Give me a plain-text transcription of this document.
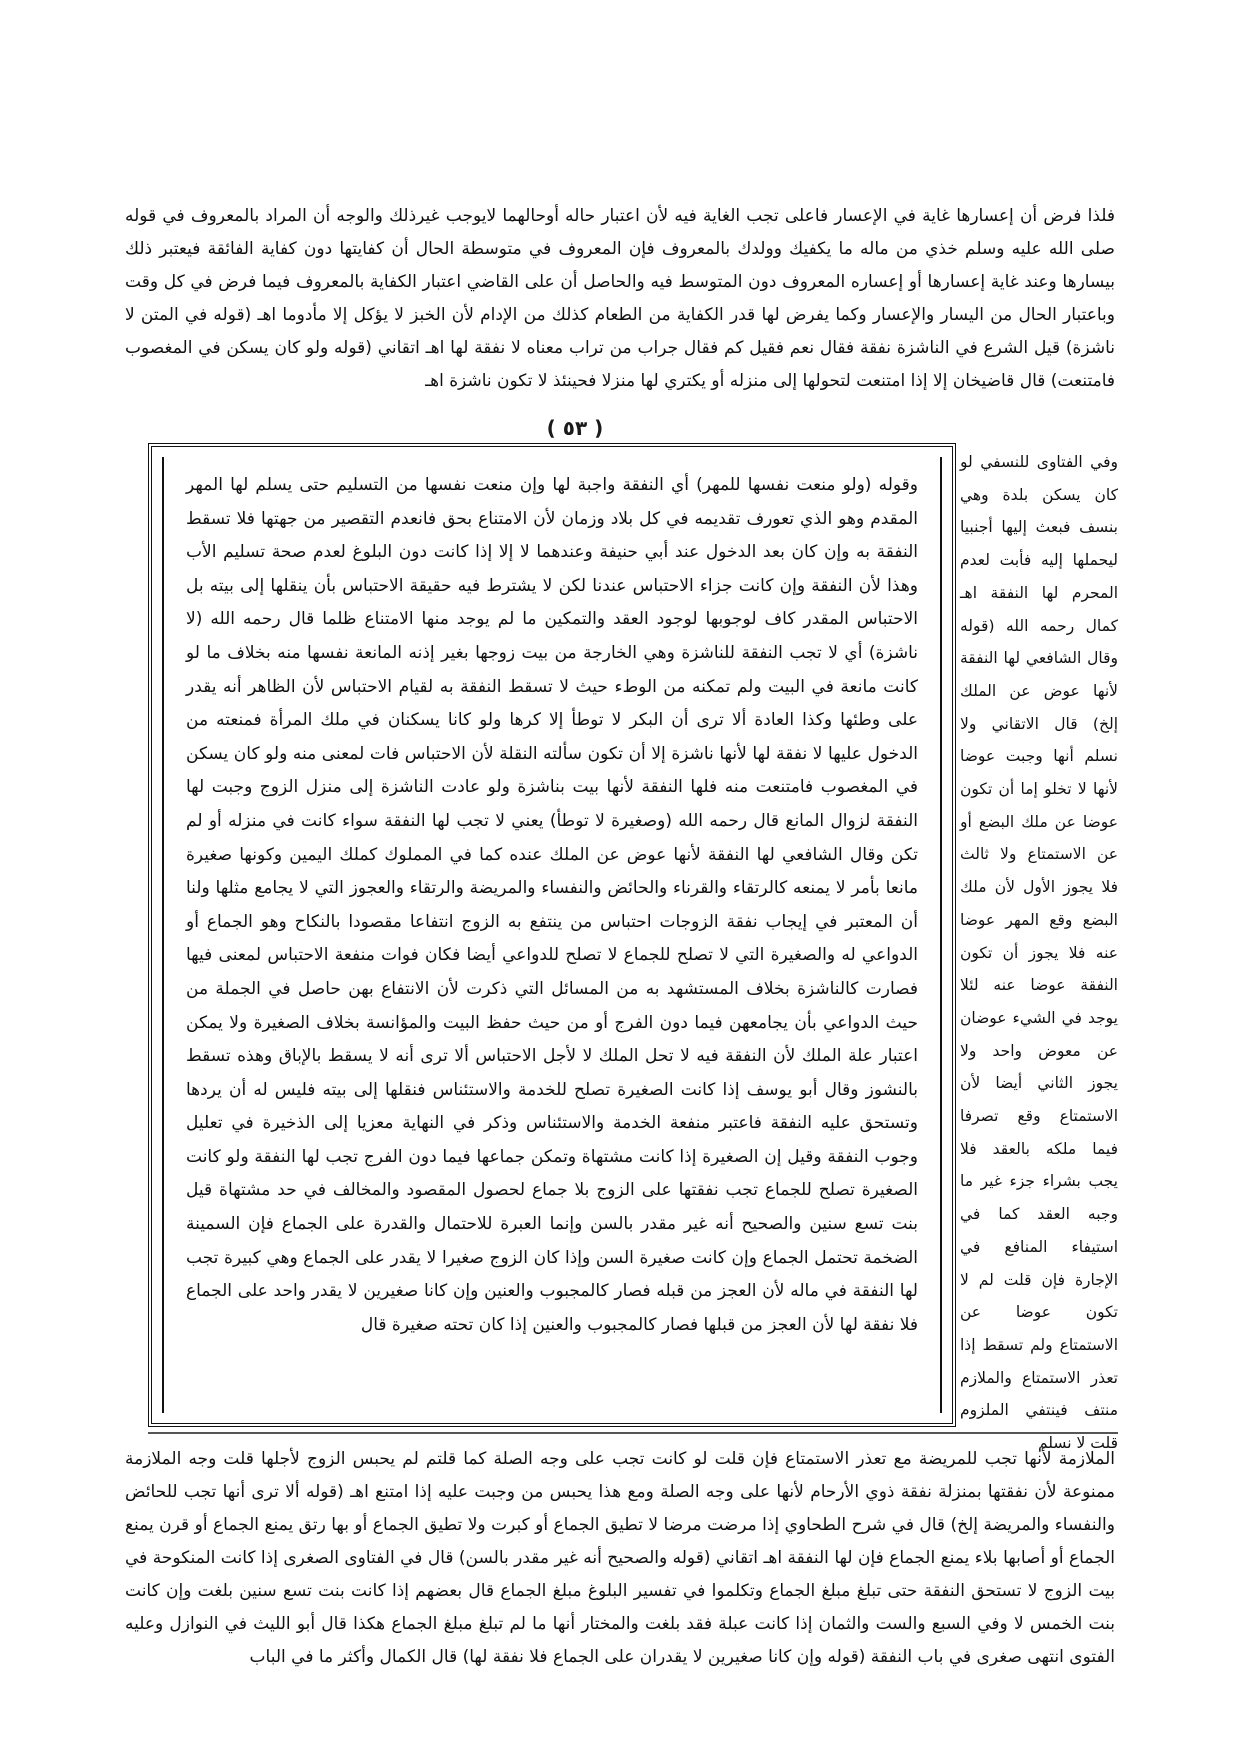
فلذا فرض أن إعسارها غاية في الإعسار فاعلى تجب الغاية فيه لأن اعتبار حاله أوحالهما لايوجب غيرذلك والوجه أن المراد بالمعروف في قوله صلى الله عليه وسلم خذي من ماله ما يكفيك وولدك بالمعروف فإن المعروف في متوسطة الحال أن كفايتها دون كفاية الفائقة فيعتبر ذلك بيسارها وعند غاية إعسارها أو إعساره المعروف دون المتوسط فيه والحاصل أن على القاضي اعتبار الكفاية بالمعروف فيما فرض في كل وقت وباعتبار الحال من اليسار والإعسار وكما يفرض لها قدر الكفاية من الطعام كذلك من الإدام لأن الخبز لا يؤكل إلا مأدوما اهـ (قوله في المتن لا ناشزة) قيل الشرع في الناشزة نفقة فقال نعم فقيل كم فقال جراب من تراب معناه لا نفقة لها اهـ اتقاني (قوله ولو كان يسكن في المغصوب فامتنعت) قال قاضيخان إلا إذا امتنعت لتحولها إلى منزله أو يكتري لها منزلا فحينئذ لا تكون ناشزة اهـ

( ٥٣ )

وقوله (ولو منعت نفسها للمهر) أي النفقة واجبة لها وإن منعت نفسها من التسليم حتى يسلم لها المهر المقدم وهو الذي تعورف تقديمه في كل بلاد وزمان لأن الامتناع بحق فانعدم التقصير من جهتها فلا تسقط النفقة به وإن كان بعد الدخول عند أبي حنيفة وعندهما لا إلا إذا كانت دون البلوغ لعدم صحة تسليم الأب وهذا لأن النفقة وإن كانت جزاء الاحتباس عندنا لكن لا يشترط فيه حقيقة الاحتباس بأن ينقلها إلى بيته بل الاحتباس المقدر كاف لوجوبها لوجود العقد والتمكين ما لم يوجد منها الامتناع ظلما قال رحمه الله (لا ناشزة) أي لا تجب النفقة للناشزة وهي الخارجة من بيت زوجها بغير إذنه المانعة نفسها منه بخلاف ما لو كانت مانعة في البيت ولم تمكنه من الوطء حيث لا تسقط النفقة به لقيام الاحتباس لأن الظاهر أنه يقدر على وطئها وكذا العادة ألا ترى أن البكر لا توطأ إلا كرها ولو كانا يسكنان في ملك المرأة فمنعته من الدخول عليها لا نفقة لها لأنها ناشزة إلا أن تكون سألته النقلة لأن الاحتباس فات لمعنى منه ولو كان يسكن في المغصوب فامتنعت منه فلها النفقة لأنها بيت بناشزة ولو عادت الناشزة إلى منزل الزوج وجبت لها النفقة لزوال المانع قال رحمه الله (وصغيرة لا توطأ) يعني لا تجب لها النفقة سواء كانت في منزله أو لم تكن وقال الشافعي لها النفقة لأنها عوض عن الملك عنده كما في المملوك كملك اليمين وكونها صغيرة مانعا بأمر لا يمنعه كالرتقاء والقرناء والحائض والنفساء والمريضة والرتقاء والعجوز التي لا يجامع مثلها ولنا أن المعتبر في إيجاب نفقة الزوجات احتباس من ينتفع به الزوج انتفاعا مقصودا بالنكاح وهو الجماع أو الدواعي له والصغيرة التي لا تصلح للجماع لا تصلح للدواعي أيضا فكان فوات منفعة الاحتباس لمعنى فيها فصارت كالناشزة بخلاف المستشهد به من المسائل التي ذكرت لأن الانتفاع بهن حاصل في الجملة من حيث الدواعي بأن يجامعهن فيما دون الفرج أو من حيث حفظ البيت والمؤانسة بخلاف الصغيرة ولا يمكن اعتبار علة الملك لأن النفقة فيه لا تحل الملك لا لأجل الاحتباس ألا ترى أنه لا يسقط بالإباق وهذه تسقط بالنشوز وقال أبو يوسف إذا كانت الصغيرة تصلح للخدمة والاستئناس فنقلها إلى بيته فليس له أن يردها وتستحق عليه النفقة فاعتبر منفعة الخدمة والاستئناس وذكر في النهاية معزيا إلى الذخيرة في تعليل وجوب النفقة وقيل إن الصغيرة إذا كانت مشتهاة وتمكن جماعها فيما دون الفرج تجب لها النفقة ولو كانت الصغيرة تصلح للجماع تجب نفقتها على الزوج بلا جماع لحصول المقصود والمخالف في حد مشتهاة قيل بنت تسع سنين والصحيح أنه غير مقدر بالسن وإنما العبرة للاحتمال والقدرة على الجماع فإن السمينة الضخمة تحتمل الجماع وإن كانت صغيرة السن وإذا كان الزوج صغيرا لا يقدر على الجماع وهي كبيرة تجب لها النفقة في ماله لأن العجز من قبله فصار كالمجبوب والعنين وإن كانا صغيرين لا يقدر واحد على الجماع فلا نفقة لها لأن العجز من قبلها فصار كالمجبوب والعنين إذا كان تحته صغيرة قال

وفي الفتاوى للنسفي لو كان يسكن بلدة وهي بنسف فبعث إليها أجنبيا ليحملها إليه فأبت لعدم المحرم لها النفقة اهـ كمال رحمه الله (قوله وقال الشافعي لها النفقة لأنها عوض عن الملك إلخ) قال الاتقاني ولا نسلم أنها وجبت عوضا لأنها لا تخلو إما أن تكون عوضا عن ملك البضع أو عن الاستمتاع ولا ثالث فلا يجوز الأول لأن ملك البضع وقع المهر عوضا عنه فلا يجوز أن تكون النفقة عوضا عنه لئلا يوجد في الشيء عوضان عن معوض واحد ولا يجوز الثاني أيضا لأن الاستمتاع وقع تصرفا فيما ملكه بالعقد فلا يجب بشراء جزء غير ما وجبه العقد كما في استيفاء المنافع في الإجارة فإن قلت لم لا تكون عوضا عن الاستمتاع ولم تسقط إذا تعذر الاستمتاع والملازم منتف فينتفي الملزوم قلت لا نسلم

الملازمة لأنها تجب للمريضة مع تعذر الاستمتاع فإن قلت لو كانت تجب على وجه الصلة كما قلتم لم يحبس الزوج لأجلها قلت وجه الملازمة ممنوعة لأن نفقتها بمنزلة نفقة ذوي الأرحام لأنها على وجه الصلة ومع هذا يحبس من وجبت عليه إذا امتنع اهـ (قوله ألا ترى أنها تجب للحائض والنفساء والمريضة إلخ) قال في شرح الطحاوي إذا مرضت مرضا لا تطيق الجماع أو كبرت ولا تطيق الجماع أو بها رتق يمنع الجماع أو قرن يمنع الجماع أو أصابها بلاء يمنع الجماع فإن لها النفقة اهـ اتقاني (قوله والصحيح أنه غير مقدر بالسن) قال في الفتاوى الصغرى إذا كانت المنكوحة في بيت الزوج لا تستحق النفقة حتى تبلغ مبلغ الجماع وتكلموا في تفسير البلوغ مبلغ الجماع قال بعضهم إذا كانت بنت تسع سنين بلغت وإن كانت بنت الخمس لا وفي السبع والست والثمان إذا كانت عبلة فقد بلغت والمختار أنها ما لم تبلغ مبلغ الجماع هكذا قال أبو الليث في النوازل وعليه الفتوى انتهى صغرى في باب النفقة (قوله وإن كانا صغيرين لا يقدران على الجماع فلا نفقة لها) قال الكمال وأكثر ما في الباب
